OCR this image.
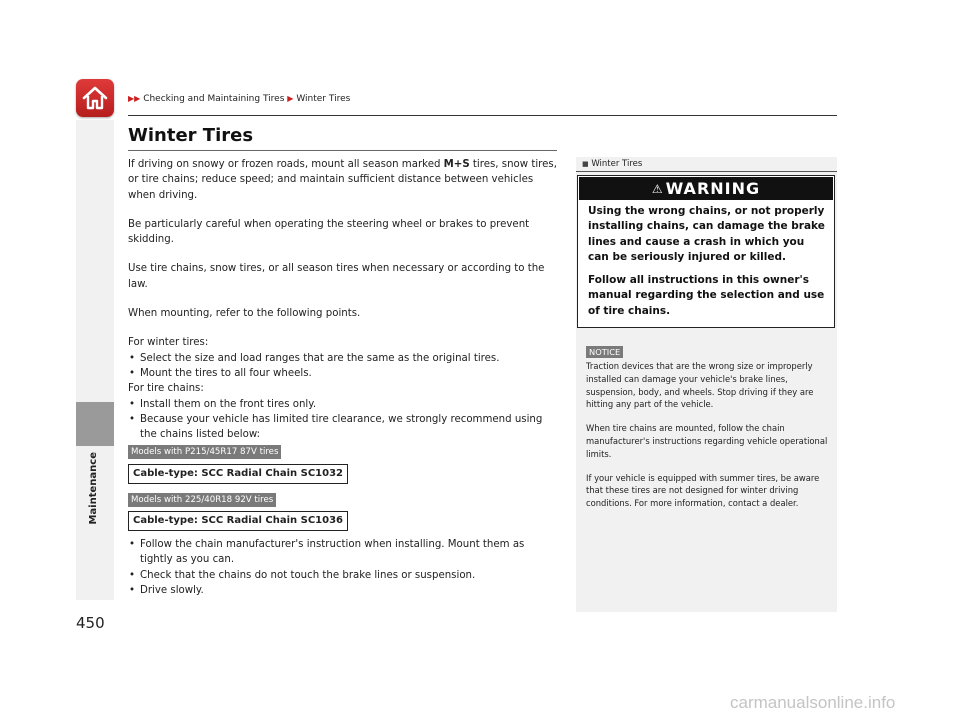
▶▶ Checking and Maintaining Tires ▶ Winter Tires
Maintenance
450
Winter Tires

If driving on snowy or frozen roads, mount all season marked M+S tires, snow tires, or tire chains; reduce speed; and maintain sufficient distance between vehicles when driving.

Be particularly careful when operating the steering wheel or brakes to prevent skidding.

Use tire chains, snow tires, or all season tires when necessary or according to the law.

When mounting, refer to the following points.

For winter tires:
• Select the size and load ranges that are the same as the original tires.
• Mount the tires to all four wheels.
For tire chains:
• Install them on the front tires only.
• Because your vehicle has limited tire clearance, we strongly recommend using the chains listed below:
Models with P215/45R17 87V tires
Cable-type: SCC Radial Chain SC1032
Models with 225/40R18 92V tires
Cable-type: SCC Radial Chain SC1036
• Follow the chain manufacturer's instruction when installing. Mount them as tightly as you can.
• Check that the chains do not touch the brake lines or suspension.
• Drive slowly.
■ Winter Tires
⚠ WARNING

Using the wrong chains, or not properly installing chains, can damage the brake lines and cause a crash in which you can be seriously injured or killed.

Follow all instructions in this owner's manual regarding the selection and use of tire chains.

NOTICE

Traction devices that are the wrong size or improperly installed can damage your vehicle's brake lines, suspension, body, and wheels. Stop driving if they are hitting any part of the vehicle.

When tire chains are mounted, follow the chain manufacturer's instructions regarding vehicle operational limits.

If your vehicle is equipped with summer tires, be aware that these tires are not designed for winter driving conditions. For more information, contact a dealer.

carmanualsonline.info
